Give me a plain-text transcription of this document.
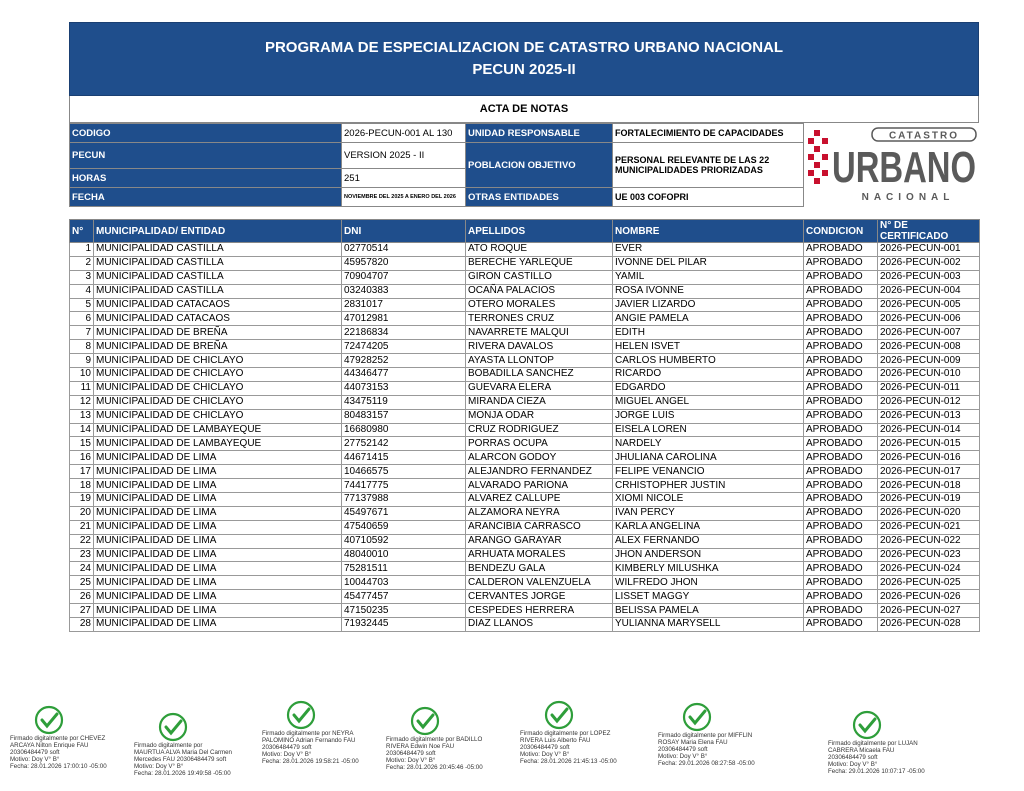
PROGRAMA DE ESPECIALIZACION DE CATASTRO URBANO NACIONAL
PECUN 2025-II
ACTA DE NOTAS
CODIGO	2026-PECUN-001 AL 130	UNIDAD RESPONSABLE	FORTALECIMIENTO DE CAPACIDADES	CATASTRO
URBANO
NACIONAL

PECUN	VERSION 2025 - II	POBLACION OBJETIVO	PERSONAL RELEVANTE DE LAS 22 MUNICIPALIDADES PRIORIZADAS	
HORAS	251			
FECHA	NOVIEMBRE DEL 2025 A ENERO DEL 2026	OTRAS ENTIDADES	UE 003 COFOPRI	
N°	MUNICIPALIDAD/ ENTIDAD	DNI	APELLIDOS	NOMBRE	CONDICION	N° DE CERTIFICADO
1	MUNICIPALIDAD CASTILLA	02770514	ATO ROQUE	EVER	APROBADO	2026-PECUN-001
2	MUNICIPALIDAD CASTILLA	45957820	BERECHE YARLEQUE	IVONNE DEL PILAR	APROBADO	2026-PECUN-002
3	MUNICIPALIDAD CASTILLA	70904707	GIRON CASTILLO	YAMIL	APROBADO	2026-PECUN-003
4	MUNICIPALIDAD CASTILLA	03240383	OCAÑA PALACIOS	ROSA IVONNE	APROBADO	2026-PECUN-004
5	MUNICIPALIDAD CATACAOS	2831017	OTERO MORALES	JAVIER LIZARDO	APROBADO	2026-PECUN-005
6	MUNICIPALIDAD CATACAOS	47012981	TERRONES CRUZ	ANGIE PAMELA	APROBADO	2026-PECUN-006
7	MUNICIPALIDAD DE BREÑA	22186834	NAVARRETE MALQUI	EDITH	APROBADO	2026-PECUN-007
8	MUNICIPALIDAD DE BREÑA	72474205	RIVERA DAVALOS	HELEN ISVET	APROBADO	2026-PECUN-008
9	MUNICIPALIDAD DE CHICLAYO	47928252	AYASTA LLONTOP	CARLOS HUMBERTO	APROBADO	2026-PECUN-009
10	MUNICIPALIDAD DE CHICLAYO	44346477	BOBADILLA SANCHEZ	RICARDO	APROBADO	2026-PECUN-010
11	MUNICIPALIDAD DE CHICLAYO	44073153	GUEVARA ELERA	EDGARDO	APROBADO	2026-PECUN-011
12	MUNICIPALIDAD DE CHICLAYO	43475119	MIRANDA CIEZA	MIGUEL ANGEL	APROBADO	2026-PECUN-012
13	MUNICIPALIDAD DE CHICLAYO	80483157	MONJA ODAR	JORGE LUIS	APROBADO	2026-PECUN-013
14	MUNICIPALIDAD DE LAMBAYEQUE	16680980	CRUZ RODRIGUEZ	EISELA LOREN	APROBADO	2026-PECUN-014
15	MUNICIPALIDAD DE LAMBAYEQUE	27752142	PORRAS OCUPA	NARDELY	APROBADO	2026-PECUN-015
16	MUNICIPALIDAD DE LIMA	44671415	ALARCON GODOY	JHULIANA CAROLINA	APROBADO	2026-PECUN-016
17	MUNICIPALIDAD DE LIMA	10466575	ALEJANDRO FERNANDEZ	FELIPE VENANCIO	APROBADO	2026-PECUN-017
18	MUNICIPALIDAD DE LIMA	74417775	ALVARADO PARIONA	CRHISTOPHER JUSTIN	APROBADO	2026-PECUN-018
19	MUNICIPALIDAD DE LIMA	77137988	ALVAREZ CALLUPE	XIOMI NICOLE	APROBADO	2026-PECUN-019
20	MUNICIPALIDAD DE LIMA	45497671	ALZAMORA NEYRA	IVAN PERCY	APROBADO	2026-PECUN-020
21	MUNICIPALIDAD DE LIMA	47540659	ARANCIBIA CARRASCO	KARLA ANGELINA	APROBADO	2026-PECUN-021
22	MUNICIPALIDAD DE LIMA	40710592	ARANGO GARAYAR	ALEX FERNANDO	APROBADO	2026-PECUN-022
23	MUNICIPALIDAD DE LIMA	48040010	ARHUATA MORALES	JHON ANDERSON	APROBADO	2026-PECUN-023
24	MUNICIPALIDAD DE LIMA	75281511	BENDEZU GALA	KIMBERLY MILUSHKA	APROBADO	2026-PECUN-024
25	MUNICIPALIDAD DE LIMA	10044703	CALDERON VALENZUELA	WILFREDO JHON	APROBADO	2026-PECUN-025
26	MUNICIPALIDAD DE LIMA	45477457	CERVANTES JORGE	LISSET MAGGY	APROBADO	2026-PECUN-026
27	MUNICIPALIDAD DE LIMA	47150235	CESPEDES HERRERA	BELISSA PAMELA	APROBADO	2026-PECUN-027
28	MUNICIPALIDAD DE LIMA	71932445	DIAZ LLANOS	YULIANNA MARYSELL	APROBADO	2026-PECUN-028
Firmado digitalmente por CHEVEZ
ARCAYA Nilton Enrique FAU
20306484479 soft
Motivo: Doy V° B°
Fecha: 28.01.2026 17:00:10 -05:00
Firmado digitalmente por
MAURTUA ALVA Maria Del Carmen
Mercedes FAU 20306484479 soft
Motivo: Doy V° B°
Fecha: 28.01.2026 19:49:58 -05:00
Firmado digitalmente por NEYRA
PALOMINO Adrian Fernando FAU
20306484479 soft
Motivo: Doy V° B°
Fecha: 28.01.2026 19:58:21 -05:00
Firmado digitalmente por BADILLO
RIVERA Edwin Noe FAU
20306484479 soft
Motivo: Doy V° B°
Fecha: 28.01.2026 20:45:46 -05:00
Firmado digitalmente por LOPEZ
RIVERA Luis Alberto FAU
20306484479 soft
Motivo: Doy V° B°
Fecha: 28.01.2026 21:45:13 -05:00
Firmado digitalmente por MIFFLIN
ROSAY Maria Elena FAU
20306484479 soft
Motivo: Doy V° B°
Fecha: 29.01.2026 08:27:58 -05:00
Firmado digitalmente por LUJAN
CABRERA Micaela FAU
20306484479 soft
Motivo: Doy V° B°
Fecha: 29.01.2026 10:07:17 -05:00
